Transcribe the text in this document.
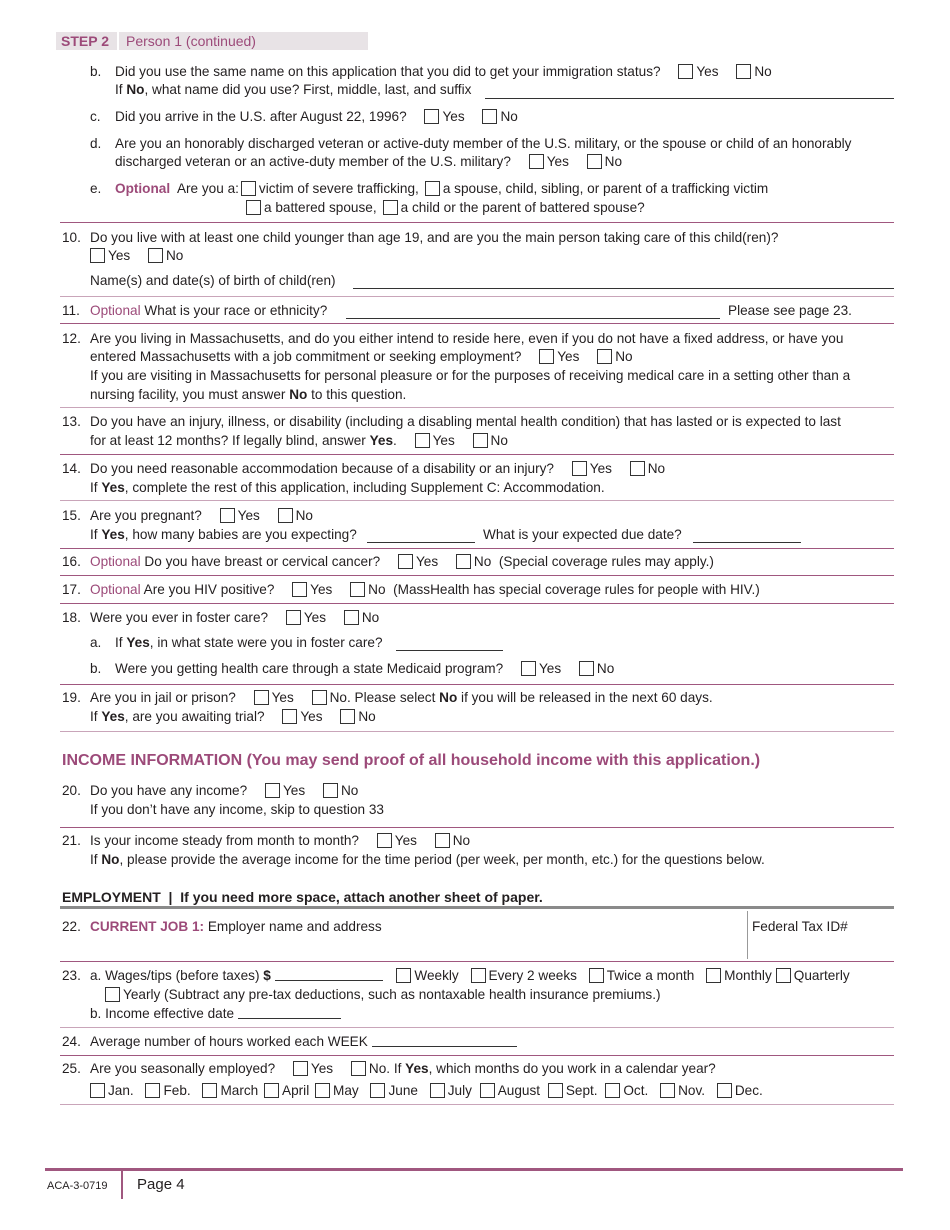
STEP 2 Person 1 (continued)
b. Did you use the same name on this application that you did to get your immigration status?	Yes	No
If No, what name did you use? First, middle, last, and suffix
c. Did you arrive in the U.S. after August 22, 1996?	Yes	No
d. Are you an honorably discharged veteran or active-duty member of the U.S. military, or the spouse or child of an honorably
discharged veteran or an active-duty member of the U.S. military?	Yes	No
e. Optional Are you a: victim of severe trafficking, a spouse, child, sibling, or parent of a trafficking victim
a battered spouse, a child or the parent of battered spouse?
10. Do you live with at least one child younger than age 19, and are you the main person taking care of this child(ren)?
Yes	No
Name(s) and date(s) of birth of child(ren)
11. Optional What is your race or ethnicity?	Please see page 23.
12. Are you living in Massachusetts, and do you either intend to reside here, even if you do not have a fixed address, or have you
entered Massachusetts with a job commitment or seeking employment?	Yes	No
If you are visiting in Massachusetts for personal pleasure or for the purposes of receiving medical care in a setting other than a
nursing facility, you must answer No to this question.
13. Do you have an injury, illness, or disability (including a disabling mental health condition) that has lasted or is expected to last
for at least 12 months? If legally blind, answer Yes.	Yes	No
14. Do you need reasonable accommodation because of a disability or an injury?	Yes	No
If Yes, complete the rest of this application, including Supplement C: Accommodation.
15. Are you pregnant?	Yes	No
If Yes, how many babies are you expecting?	What is your expected due date?
16. Optional Do you have breast or cervical cancer?	Yes	No (Special coverage rules may apply.)
17. Optional Are you HIV positive?	Yes	No (MassHealth has special coverage rules for people with HIV.)
18. Were you ever in foster care?	Yes	No
a. If Yes, in what state were you in foster care?
b. Were you getting health care through a state Medicaid program?	Yes	No
19. Are you in jail or prison?	Yes	No. Please select No if you will be released in the next 60 days.
If Yes, are you awaiting trial?	Yes	No
INCOME INFORMATION (You may send proof of all household income with this application.)
20. Do you have any income?	Yes	No
If you don’t have any income, skip to question 33
21. Is your income steady from month to month?	Yes	No
If No, please provide the average income for the time period (per week, per month, etc.) for the questions below.
EMPLOYMENT  |  If you need more space, attach another sheet of paper.
22. CURRENT JOB 1: Employer name and address	Federal Tax ID#
23. a. Wages/tips (before taxes) $	Weekly Every 2 weeks Twice a month Monthly Quarterly
Yearly (Subtract any pre-tax deductions, such as nontaxable health insurance premiums.)
b. Income effective date
24. Average number of hours worked each WEEK
25. Are you seasonally employed?	Yes	No. If Yes, which months do you work in a calendar year?
Jan. Feb. March April May June July August Sept. Oct. Nov. Dec.
ACA-3-0719 Page 4
